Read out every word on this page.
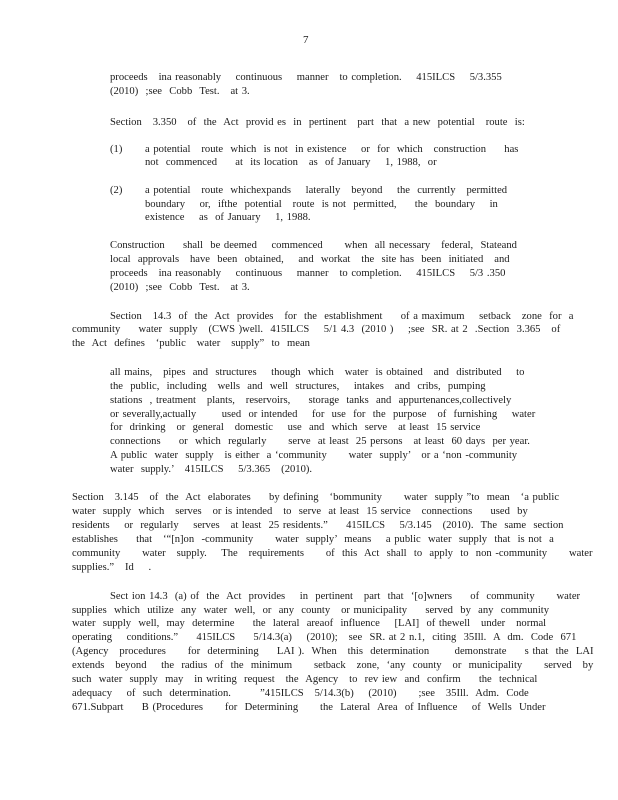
7
proceeds   ina reasonably    continuous    manner   to completion.    415ILCS    5/3.355
(2010)  ;see  Cobb  Test.   at 3.
Section   3.350   of  the  Act  provid es  in  pertinent   part  that  a new  potential   route  is:
(1) a potential   route  which  is not  in existence    or  for  which   construction     has
not  commenced     at  its location   as  of January    1, 1988,  or
(2) a potential   route  whichexpands    laterally   beyond    the  currently   permitted
boundary    or,  ifthe  potential   route  is not  permitted,     the  boundary    in
existence    as  of January    1, 1988.
Construction     shall  be deemed    commenced      when  all necessary   federal,  Stateand
local  approvals   have  been  obtained,    and  workat   the  site has  been  initiated   and
proceeds   ina reasonably    continuous    manner   to completion.    415ILCS    5/3 .350
(2010)  ;see  Cobb  Test.   at 3.
Section   14.3  of  the  Act  provides   for  the  establishment     of a maximum    setback   zone  for  a
community     water  supply   (CWS )well.  415ILCS    5/1 4.3  (2010 )    ;see  SR. at 2  .Section  3.365   of
the  Act  defines   ‘public   water   supply”  to  mean
all mains,   pipes  and  structures    though  which   water  is obtained   and  distributed    to
the  public,  including   wells  and  well  structures,    intakes   and  cribs,  pumping
stations  , treatment   plants,   reservoirs,     storage  tanks  and  appurtenances,collectively
or severally,actually       used  or intended    for  use  for  the  purpose   of  furnishing    water
for  drinking   or  general   domestic    use  and  which  serve   at least  15 service
connections     or  which  regularly      serve  at least  25 persons   at least  60 days  per year.
A public  water  supply   is either  a ‘community      water  supply’   or a ‘non -community
water  supply.’   415ILCS    5/3.365   (2010).
Section   3.145   of  the  Act  elaborates     by defining   ‘bommunity      water  supply ”to  mean   ‘a public
water  supply  which   serves   or is intended   to  serve  at least  15 service   connections     used  by
residents    or  regularly    serves   at least  25 residents.”     415ILCS    5/3.145   (2010).  The  same  section
establishes     that   ‘“[n]on  -community      water  supply’  means    a public  water  supply  that  is not  a
community      water   supply.    The   requirements      of  this  Act  shall  to  apply  to  non -community      water
supplies.”   Id    .
Sect ion 14.3  (a) of  the  Act  provides    in  pertinent   part  that  ‘[o]wners     of  community      water
supplies  which  utilize  any  water  well,  or  any  county   or municipality     served  by  any  community
water  supply  well,  may  determine     the  lateral  areaof  influence    [LAI]  of thewell   under   normal
operating    conditions.”     415ILCS     5/14.3(a)    (2010);   see  SR. at 2 n.1,  citing  35Ill.  A  dm.  Code  671
(Agency   procedures      for  determining     LAI ).  When   this  determination       demonstrate     s that  the  LAI
extends   beyond    the  radius  of  the  minimum      setback   zone,  ‘any  county   or  municipality      served   by
such  water  supply  may   in writing  request   the  Agency   to  rev iew  and  confirm     the  technical
adequacy    of  such  determination.        ”415ILCS   5/14.3(b)    (2010)      ;see   35Ill.  Adm.  Code
671.Subpart     B (Procedures      for  Determining      the  Lateral  Area  of Influence    of  Wells  Under
